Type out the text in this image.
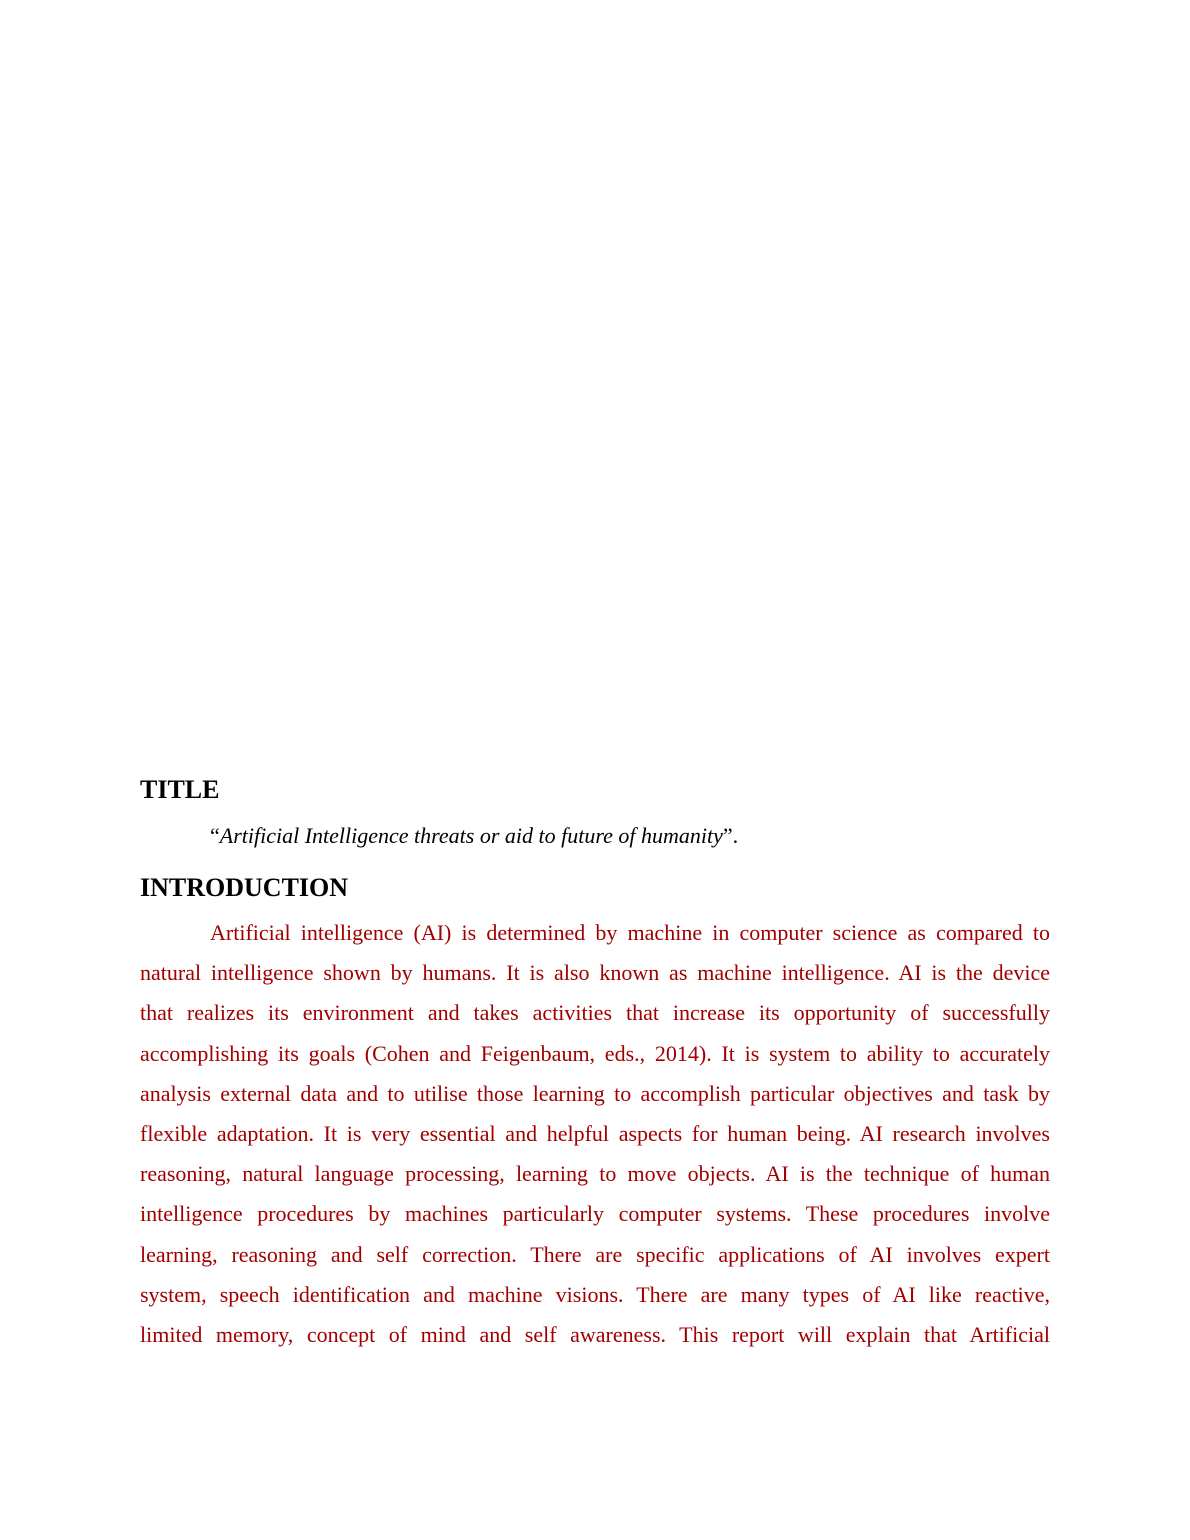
TITLE

“Artificial Intelligence threats or aid to future of humanity”.

INTRODUCTION
Artificial intelligence (AI) is determined by machine in computer science as compared to
natural intelligence shown by humans. It is also known as machine intelligence. AI is the device
that realizes its environment and takes activities that increase its opportunity of successfully
accomplishing its goals (Cohen and Feigenbaum, eds., 2014). It is system to ability to accurately
analysis external data and to utilise those learning to accomplish particular objectives and task by
flexible adaptation. It is very essential and helpful aspects for human being. AI research involves
reasoning, natural language processing, learning to move objects. AI is the technique of human
intelligence procedures by machines particularly computer systems. These procedures involve
learning, reasoning and self correction. There are specific applications of AI involves expert
system, speech identification and machine visions. There are many types of AI like reactive,
limited memory, concept of mind and self awareness. This report will explain that Artificial
